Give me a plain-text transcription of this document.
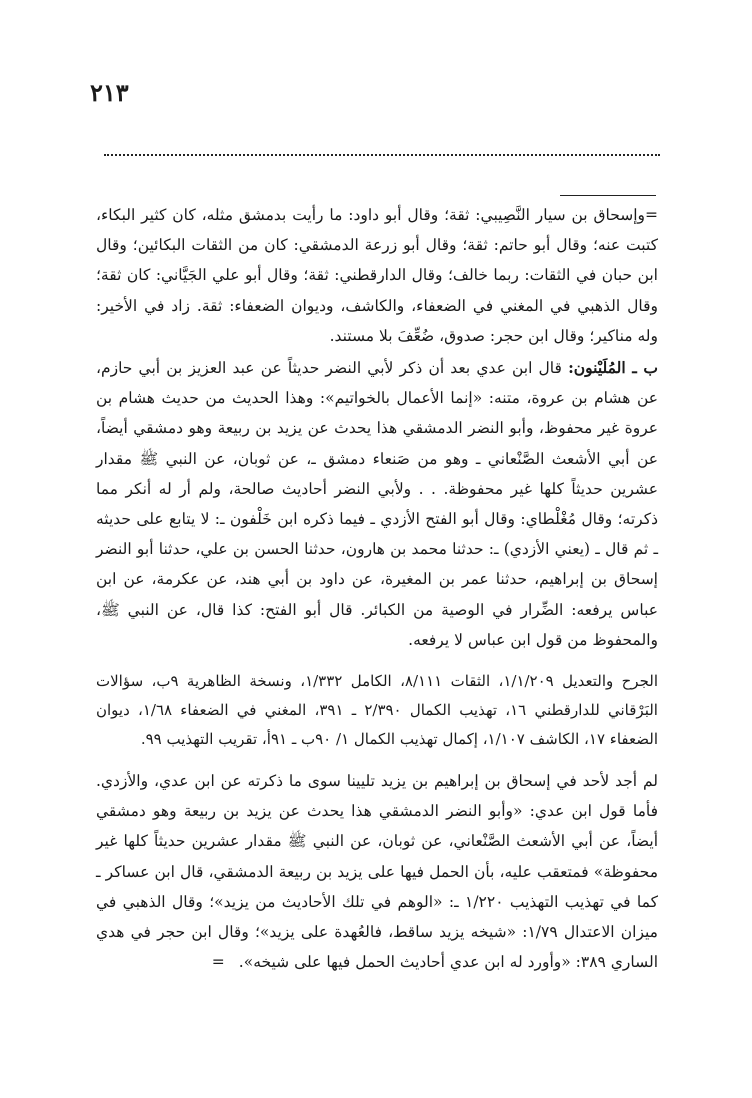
٢١٣

=وإسحاق بن سيار النَّصِيبي: ثقة؛ وقال أبو داود: ما رأيت بدمشق مثله، كان كثير البكاء، كتبت عنه؛ وقال أبو حاتم: ثقة؛ وقال أبو زرعة الدمشقي: كان من الثقات البكائين؛ وقال ابن حبان في الثقات: ربما خالف؛ وقال الدارقطني: ثقة؛ وقال أبو علي الجَيَّاني: كان ثقة؛ وقال الذهبي في المغني في الضعفاء، والكاشف، وديوان الضعفاء: ثقة. زاد في الأخير: وله مناكير؛ وقال ابن حجر: صدوق، ضُعِّفَ بلا مستند.

ب ـ المُلَيْنون: قال ابن عدي بعد أن ذكر لأبي النضر حديثاً عن عبد العزيز بن أبي حازم، عن هشام بن عروة، متنه: «إنما الأعمال بالخواتيم»: وهذا الحديث من حديث هشام بن عروة غير محفوظ، وأبو النضر الدمشقي هذا يحدث عن يزيد بن ربيعة وهو دمشقي أيضاً، عن أبي الأشعث الصَّنْعاني ـ وهو من صَنعاء دمشق ـ، عن ثوبان، عن النبي ﷺ مقدار عشرين حديثاً كلها غير محفوظة. . . ولأبي النضر أحاديث صالحة، ولم أر له أنكر مما ذكرته؛ وقال مُغْلْطاي: وقال أبو الفتح الأزدي ـ فيما ذكره ابن خَلْفون ـ: لا يتابع على حديثه ـ ثم قال ـ (يعني الأزدي) ـ: حدثنا محمد بن هارون، حدثنا الحسن بن علي، حدثنا أبو النضر إسحاق بن إبراهيم، حدثنا عمر بن المغيرة، عن داود بن أبي هند، عن عكرمة، عن ابن عباس يرفعه: الضِّرار في الوصية من الكبائر. قال أبو الفتح: كذا قال، عن النبي ﷺ، والمحفوظ من قول ابن عباس لا يرفعه.

الجرح والتعديل ١/١/٢٠٩، الثقات ٨/١١١، الكامل ١/٣٣٢، ونسخة الظاهرية ٩ب، سؤالات البَرْقاني للدارقطني ١٦، تهذيب الكمال ٢/٣٩٠ ـ ٣٩١، المغني في الضعفاء ١/٦٨، ديوان الضعفاء ١٧، الكاشف ١/١٠٧، إكمال تهذيب الكمال ١/ ٩٠ب ـ ٩١أ، تقريب التهذيب ٩٩.

لم أجد لأحد في إسحاق بن إبراهيم بن يزيد تليينا سوى ما ذكرته عن ابن عدي، والأزدي. فأما قول ابن عدي: «وأبو النضر الدمشقي هذا يحدث عن يزيد بن ربيعة وهو دمشقي أيضاً، عن أبي الأشعث الصَّنْعاني، عن ثوبان، عن النبي ﷺ مقدار عشرين حديثاً كلها غير محفوظة» فمتعقب عليه، بأن الحمل فيها على يزيد بن ربيعة الدمشقي، قال ابن عساكر ـ كما في تهذيب التهذيب ١/٢٢٠ ـ: «الوهم في تلك الأحاديث من يزيد»؛ وقال الذهبي في ميزان الاعتدال ١/٧٩: «شيخه يزيد ساقط، فالعُهدة على يزيد»؛ وقال ابن حجر في هدي الساري ٣٨٩: «وأورد له ابن عدي أحاديث الحمل فيها على شيخه».=
